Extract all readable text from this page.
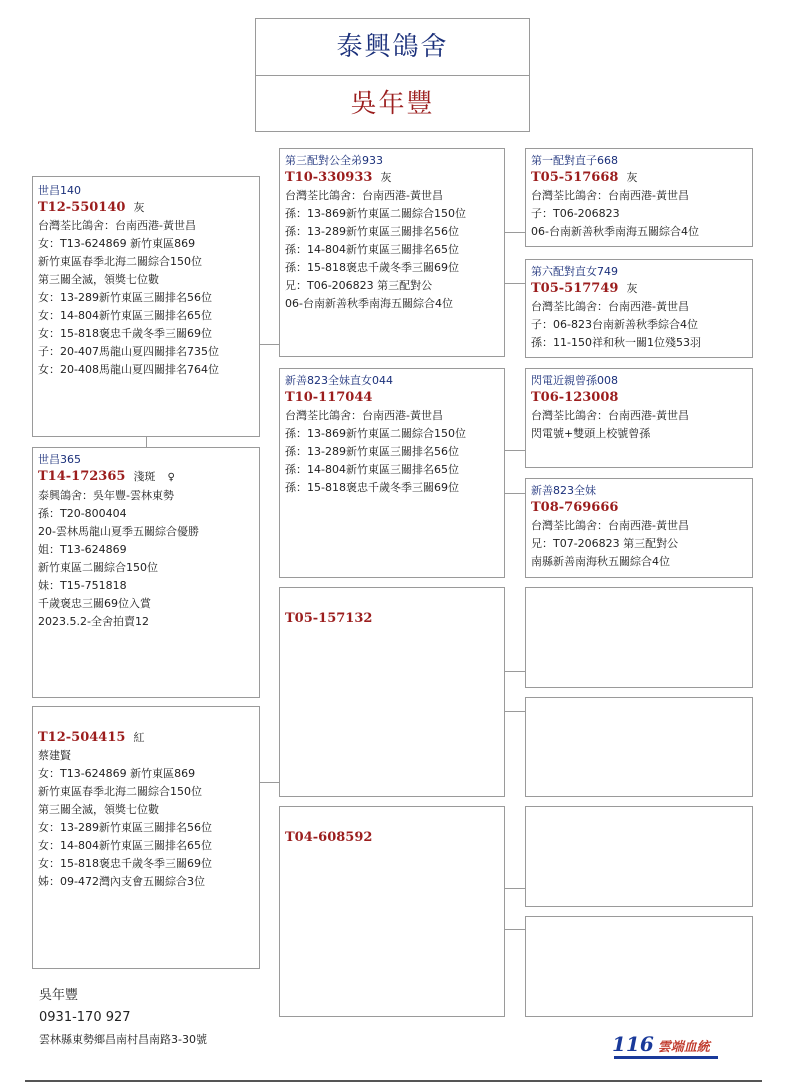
泰興鴿舍
吳年豐
世昌140
T12-550140 灰
台灣荃比鴿舍：台南西港-黃世昌
女：T13-624869 新竹東區869
新竹東區春季北海二關綜合150位
第三關全滅，領獎七位數
女：13-289新竹東區三關排名56位
女：14-804新竹東區三關排名65位
女：15-818褒忠千歲冬季三關69位
子：20-407馬龍山夏四關排名735位
女：20-408馬龍山夏四關排名764位
世昌365
T14-172365 淺斑 ♀
泰興鴿舍：吳年豐-雲林東勢
孫：T20-800404
20-雲林馬龍山夏季五關綜合優勝
姐：T13-624869
新竹東區二關綜合150位
妹：T15-751818
千歲褒忠三關69位入賞
2023.5.2-全舍拍賣12
T12-504415 紅
蔡建賢
女：T13-624869 新竹東區869
新竹東區春季北海二關綜合150位
第三關全滅，領獎七位數
女：13-289新竹東區三關排名56位
女：14-804新竹東區三關排名65位
女：15-818褒忠千歲冬季三關69位
姊：09-472灣內支會五關綜合3位
第三配對公全弟933
T10-330933 灰
台灣荃比鴿舍：台南西港-黃世昌
孫：13-869新竹東區二關綜合150位
孫：13-289新竹東區三關排名56位
孫：14-804新竹東區三關排名65位
孫：15-818褒忠千歲冬季三關69位
兄：T06-206823 第三配對公
06-台南新善秋季南海五關綜合4位
新善823全妹直女044
T10-117044
台灣荃比鴿舍：台南西港-黃世昌
孫：13-869新竹東區二關綜合150位
孫：13-289新竹東區三關排名56位
孫：14-804新竹東區三關排名65位
孫：15-818褒忠千歲冬季三關69位
T05-157132
T04-608592
第一配對直子668
T05-517668 灰
台灣荃比鴿舍：台南西港-黃世昌
子：T06-206823
06-台南新善秋季南海五關綜合4位
第六配對直女749
T05-517749 灰
台灣荃比鴿舍：台南西港-黃世昌
子：06-823台南新善秋季綜合4位
孫：11-150祥和秋一關1位殘53羽
閃電近親曾孫008
T06-123008
台灣荃比鴿舍：台南西港-黃世昌
閃電號+雙頭上校號曾孫
新善823全妹
T08-769666
台灣荃比鴿舍：台南西港-黃世昌
兄：T07-206823 第三配對公
南縣新善南海秋五關綜合4位
吳年豐
0931-170 927
雲林縣東勢鄉昌南村昌南路3-30號	116 雲端血統
